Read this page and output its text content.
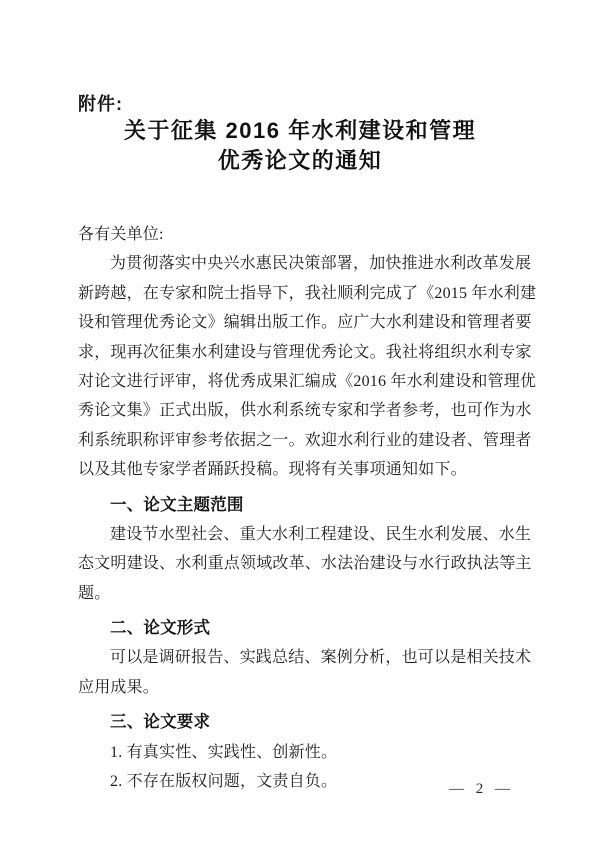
附件:
关于征集 2016 年水利建设和管理
优秀论文的通知
各有关单位:
为贯彻落实中央兴水惠民决策部署，加快推进水利改革发展
新跨越，在专家和院士指导下，我社顺利完成了《2015 年水利建
设和管理优秀论文》编辑出版工作。应广大水利建设和管理者要
求，现再次征集水利建设与管理优秀论文。我社将组织水利专家
对论文进行评审，将优秀成果汇编成《2016 年水利建设和管理优
秀论文集》正式出版，供水利系统专家和学者参考，也可作为水
利系统职称评审参考依据之一。欢迎水利行业的建设者、管理者
以及其他专家学者踊跃投稿。现将有关事项通知如下。
一、论文主题范围
建设节水型社会、重大水利工程建设、民生水利发展、水生
态文明建设、水利重点领域改革、水法治建设与水行政执法等主
题。
二、论文形式
可以是调研报告、实践总结、案例分析，也可以是相关技术
应用成果。
三、论文要求
1. 有真实性、实践性、创新性。
2. 不存在版权问题，文责自负。	— 2 —
